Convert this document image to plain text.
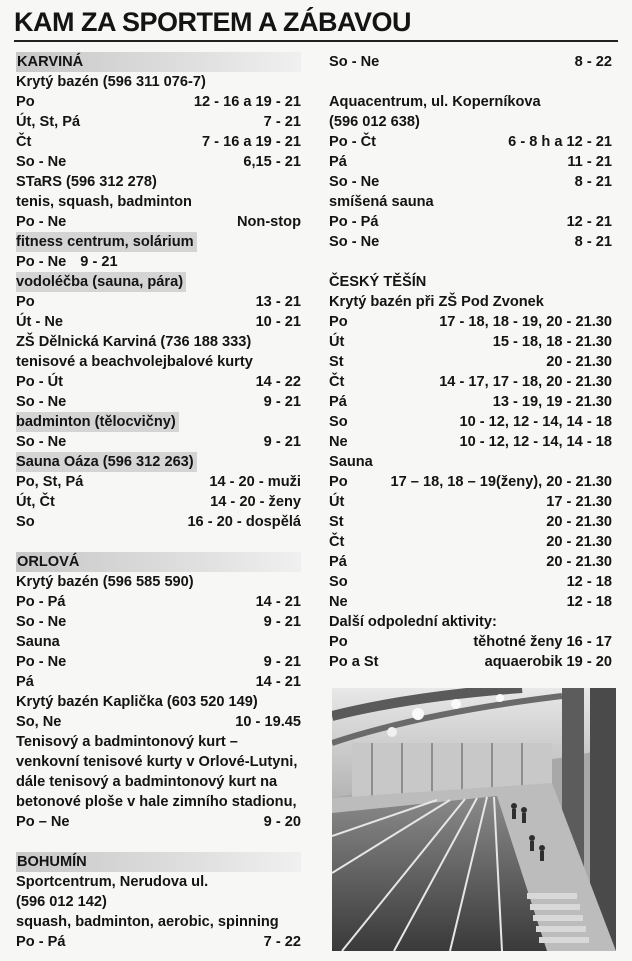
KAM ZA SPORTEM A ZÁBAVOU
KARVINÁ
Krytý bazén (596 311 076-7)
Po	12 - 16 a 19 - 21
Út, St, Pá	7 - 21
Čt	7 - 16 a 19 - 21
So - Ne	6,15 - 21
STaRS (596 312 278)
tenis, squash, badminton
Po - Ne	Non-stop
fitness centrum, solárium
Po - Ne 9 - 21
vodoléčba (sauna, pára)
Po	13 - 21
Út - Ne	10 - 21
ZŠ Dělnická Karviná (736 188 333) tenisové a beachvolejbalové kurty
Po - Út	14 - 22
So - Ne	9 - 21
badminton (tělocvičny)
So - Ne	9 - 21
Sauna Oáza (596 312 263)
Po, St, Pá	14 - 20 - muži
Út, Čt	14 - 20 - ženy
So	16 - 20 - dospělá
ORLOVÁ
Krytý bazén (596 585 590)
Po - Pá	14 - 21
So - Ne	9 - 21
Sauna
Po - Ne	9 - 21
Pá	14 - 21
Krytý bazén Kaplička (603 520 149)
So, Ne	10 - 19.45
Tenisový a badmintonový kurt – venkovní tenisové kurty v Orlové-Lutyni, dále tenisový a badmintonový kurt na betonové ploše v hale zimního stadionu,
Po – Ne	9 - 20
BOHUMÍN
Sportcentrum, Nerudova ul.
(596 012 142)
squash, badminton, aerobic, spinning
Po - Pá	7 - 22
So - Ne	8 - 22
Aquacentrum, ul. Koperníkova
(596 012 638)
Po - Čt	6 - 8 h a 12 - 21
Pá	11 - 21
So - Ne	8 - 21
smíšená sauna
Po - Pá	12 - 21
So - Ne	8 - 21
ČESKÝ TĚŠÍN
Krytý bazén při ZŠ Pod Zvonek
Po	17 - 18, 18 - 19, 20 - 21.30
Út	15 - 18, 18 - 21.30
St	20 - 21.30
Čt	14 - 17, 17 - 18, 20 - 21.30
Pá	13 - 19, 19 - 21.30
So	10 - 12, 12 - 14, 14 - 18
Ne	10 - 12, 12 - 14, 14 - 18
Sauna
Po	17 – 18, 18 – 19(ženy), 20 - 21.30
Út	17 - 21.30
St	20 - 21.30
Čt	20 - 21.30
Pá	20 - 21.30
So	12 - 18
Ne	12 - 18
Další odpolední aktivity:
Po	těhotné ženy 16 - 17
Po a St	aquaerobik 19 - 20
